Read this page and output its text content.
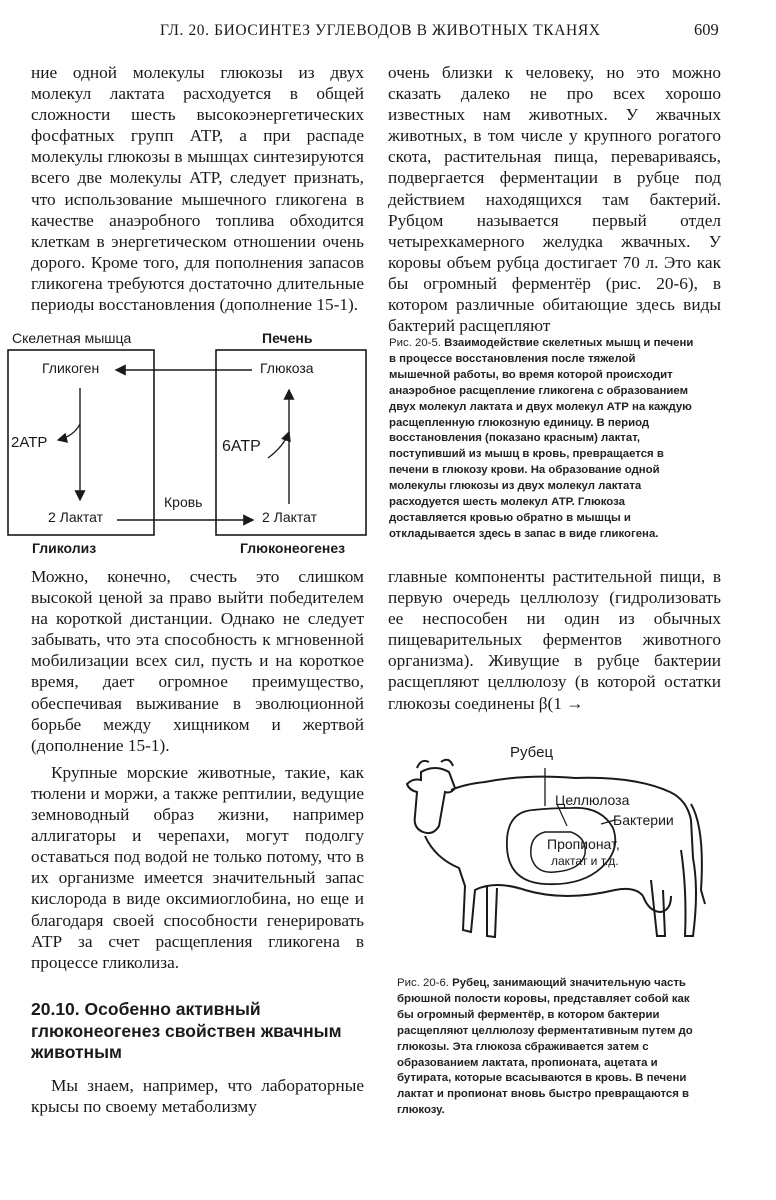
ГЛ. 20. БИОСИНТЕЗ УГЛЕВОДОВ В ЖИВОТНЫХ ТКАНЯХ	609

ние одной молекулы глюкозы из двух молекул лактата расходуется в общей сложности шесть высокоэнергетических фосфатных групп АТР, а при распаде молекулы глюкозы в мышцах синтезируются всего две молекулы АТР, следует признать, что использование мышечного гликогена в качестве анаэробного топлива обходится клеткам в энергетическом отношении очень дорого. Кроме того, для пополнения запасов гликогена требуются достаточно длительные периоды восстановления (дополнение 15-1).

очень близки к человеку, но это можно сказать далеко не про всех хорошо известных нам животных. У жвачных животных, в том числе у крупного рогатого скота, растительная пища, перевариваясь, подвергается ферментации в рубце под действием находящихся там бактерий. Рубцом называется первый отдел четырехкамерного желудка жвачных. У коровы объем рубца достигает 70 л. Это как бы огромный ферментёр (рис. 20-6), в котором различные обитающие здесь виды бактерий расщепляют

Скелетная мышца	Печень
Гликоген	Глюкоза
2ATP	6ATP
2 Лактат	2 Лактат
Кровь
Гликолиз	Глюконеогенез
Рис. 20-5. Взаимодействие скелетных мышц и печени в процессе восстановления после тяжелой мышечной работы, во время которой происходит анаэробное расщепление гликогена с образованием двух молекул лактата и двух молекул АТР на каждую расщепленную глюкозную единицу. В период восстановления (показано красным) лактат, поступивший из мышц в кровь, превращается в печени в глюкозу крови. На образование одной молекулы глюкозы из двух молекул лактата расходуется шесть молекул АТР. Глюкоза доставляется кровью обратно в мышцы и откладывается здесь в запас в виде гликогена.

Можно, конечно, счесть это слишком высокой ценой за право выйти победителем на короткой дистанции. Однако не следует забывать, что эта способность к мгновенной мобилизации всех сил, пусть и на короткое время, дает огромное преимущество, обеспечивая выживание в эволюционной борьбе между хищником и жертвой (дополнение 15-1).

Крупные морские животные, такие, как тюлени и моржи, а также рептилии, ведущие земноводный образ жизни, например аллигаторы и черепахи, могут подолгу оставаться под водой не только потому, что в их организме имеется значительный запас кислорода в виде оксимиоглобина, но еще и благодаря своей способности генерировать АТР за счет расщепления гликогена в процессе гликолиза.

20.10. Особенно активный глюконеогенез свойствен жвачным животным

Мы знаем, например, что лабораторные крысы по своему метаболизму

главные компоненты растительной пищи, в первую очередь целлюлозу (гидролизовать ее неспособен ни один из обычных пищеварительных ферментов животного организма). Живущие в рубце бактерии расщепляют целлюлозу (в которой остатки глюкозы соединены β(1 →

Рубец
Целлюлоза
Бактерии
Пропионат,
лактат и т.д.
Рис. 20-6. Рубец, занимающий значительную часть брюшной полости коровы, представляет собой как бы огромный ферментёр, в котором бактерии расщепляют целлюлозу ферментативным путем до глюкозы. Эта глюкоза сбраживается затем с образованием лактата, пропионата, ацетата и бутирата, которые всасываются в кровь. В печени лактат и пропионат вновь быстро превращаются в глюкозу.
